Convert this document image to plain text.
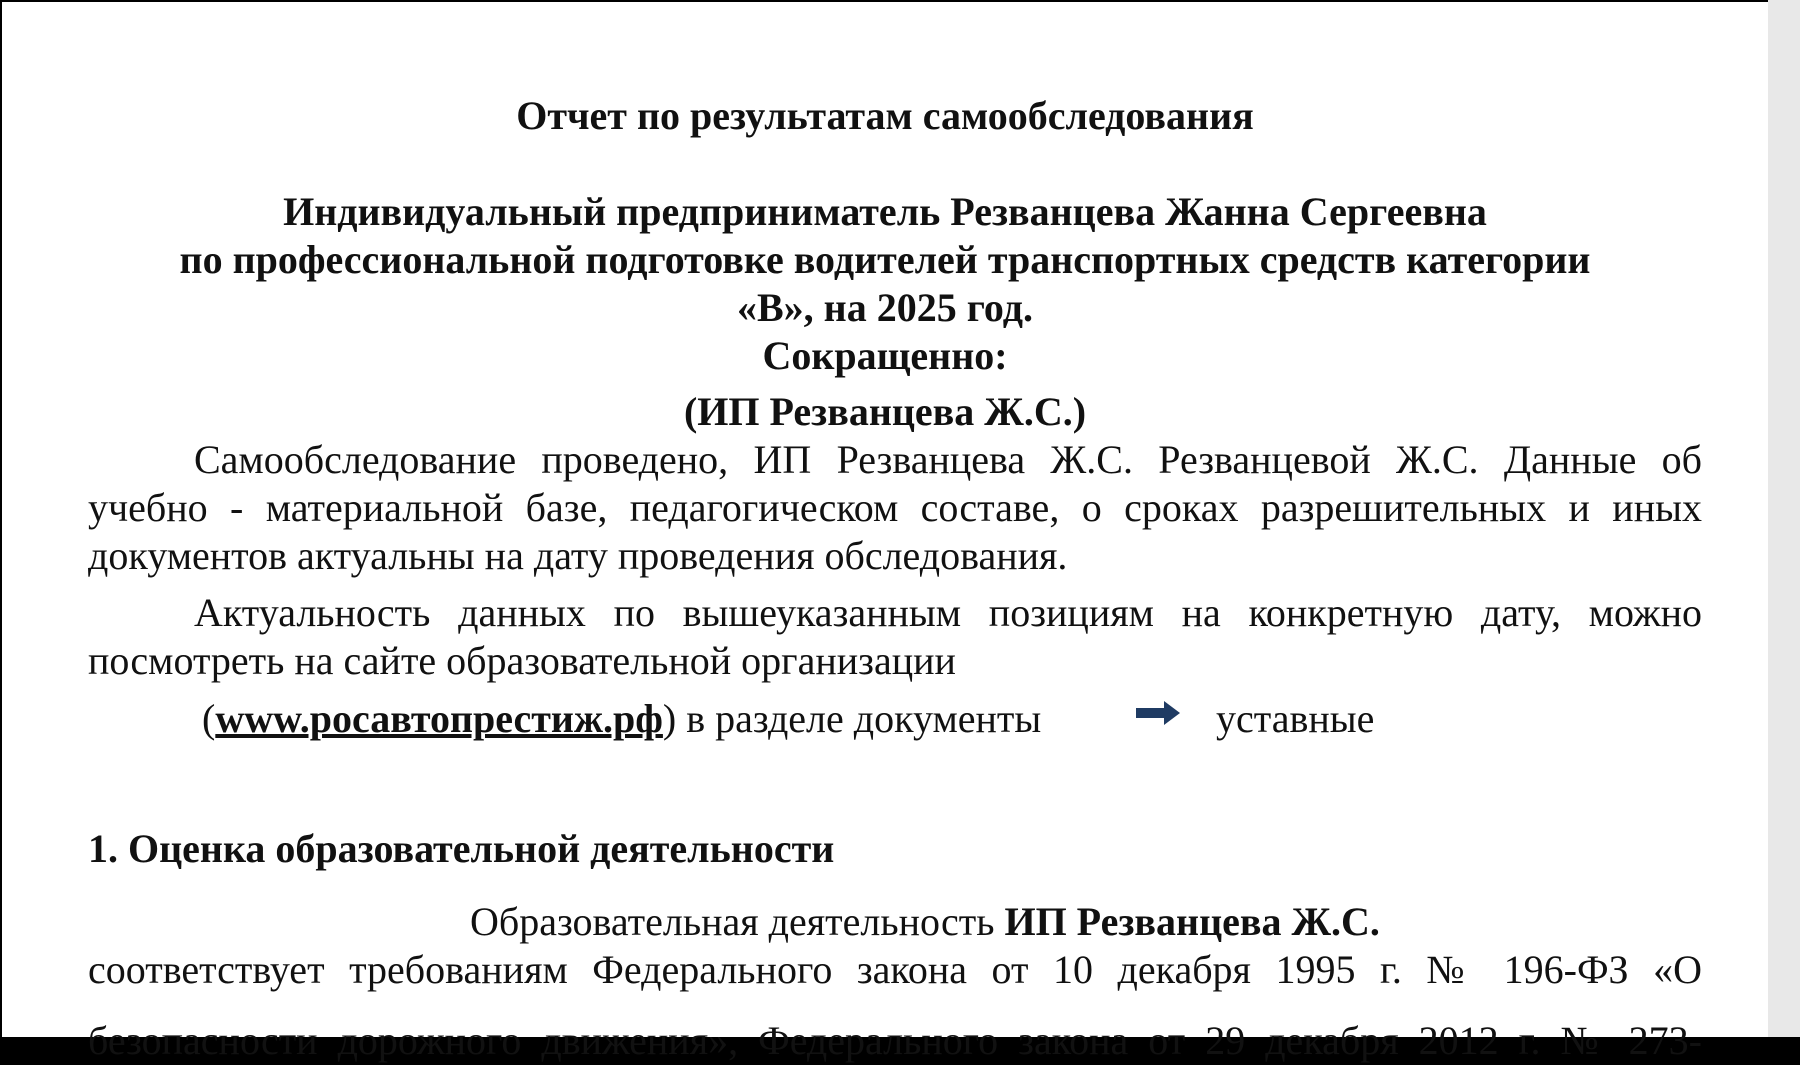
Отчет по результатам самообследования
Индивидуальный предприниматель Резванцева Жанна Сергеевна
по профессиональной подготовке водителей транспортных средств категории
«В», на 2025 год.
Сокращенно:
(ИП Резванцева Ж.С.)
Самообследование проведено, ИП Резванцева Ж.С. Резванцевой Ж.С. Данные об
учебно - материальной базе, педагогическом составе, о сроках разрешительных и иных
документов актуальны на дату проведения обследования.
Актуальность данных по вышеуказанным позициям на конкретную дату, можно
посмотреть на сайте образовательной организации
(www.росавтопрестиж.рф) в разделе документы	уставные
1. Оценка образовательной деятельности
Образовательная деятельность ИП Резванцева Ж.С.
соответствует требованиям Федерального закона от 10 декабря 1995 г. № 196-ФЗ «О
безопасности дорожного движения», Федерального закона от 29 декабря 2012 г. № 273-
